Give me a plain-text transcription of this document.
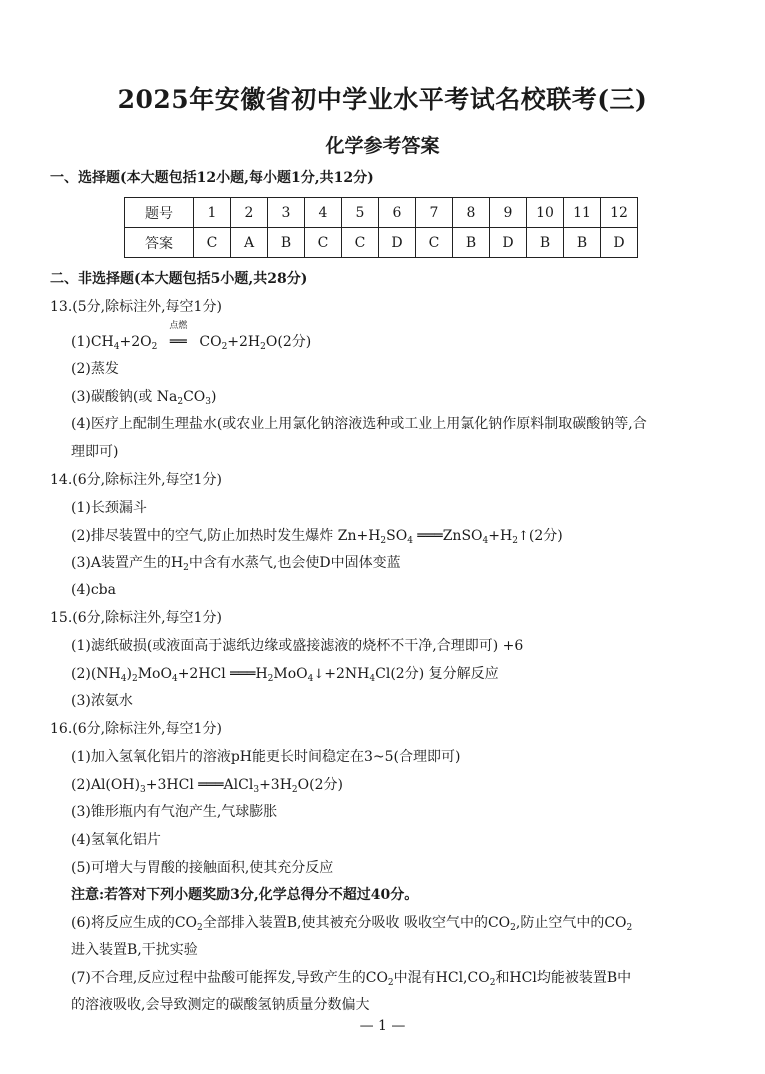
2025年安徽省初中学业水平考试名校联考(三)
化学参考答案
一、选择题(本大题包括12小题,每小题1分,共12分)
题号	1	2	3	4	5	6	7	8	9	10	11	12
答案	C	A	B	C	C	D	C	B	D	B	B	D
二、非选择题(本大题包括5小题,共28分)
13.(5分,除标注外,每空1分)
$(1)CH_4+2O_2$
点燃
══ $CO_2+2H_2O(2$分)
(2)蒸发
(3)碳酸钠(或 $Na_2CO_3$)
(4)医疗上配制生理盐水(或农业上用氯化钠溶液选种或工业上用氯化钠作原料制取碳酸钠等,合
理即可)
14.(6分,除标注外,每空1分)
(1)长颈漏斗
(2)排尽装置中的空气,防止加热时发生爆炸 $Zn+H_2SO_4$ $═══ZnSO_4+H_2↑(2$分)
(3)A装置产生的$H_2$中含有水蒸气,也会使D中固体变蓝
(4)cba
15.(6分,除标注外,每空1分)
(1)滤纸破损(或液面高于滤纸边缘或盛接滤液的烧杯不干净,合理即可) +6
$(2)(NH_4)_2MoO_4+2HCl$ $═══H_2MoO_4↓+2NH_4Cl(2$分) 复分解反应
(3)浓氨水
16.(6分,除标注外,每空1分)
(1)加入氢氧化铝片的溶液pH能更长时间稳定在3~5(合理即可)
$(2)Al(OH)_3+3HCl$ $═══AlCl_3+3H_2O(2$分)
(3)锥形瓶内有气泡产生,气球膨胀
(4)氢氧化铝片
(5)可增大与胃酸的接触面积,使其充分反应
注意:若答对下列小题奖励3分,化学总得分不超过40分。
(6)将反应生成的$CO_2$全部排入装置B,使其被充分吸收 吸收空气中的$CO_2$,防止空气中的$CO_2$
进入装置B,干扰实验
(7)不合理,反应过程中盐酸可能挥发,导致产生的$CO_2$中混有$HCl,CO_2$和HCl均能被装置B中
的溶液吸收,会导致测定的碳酸氢钠质量分数偏大
— 1 —
